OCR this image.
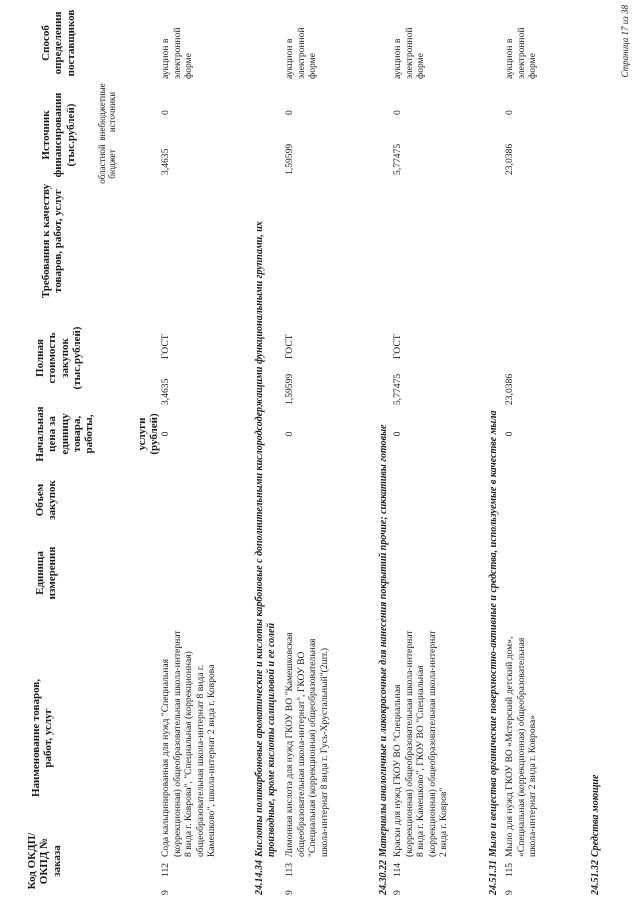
Код ОКДП/ ОКПД № заказа
Наименование товаров, работ, услуг
Единица измерения
Объем закупок
Начальная цена за единицу товара, работы,	услуги (рублей)
Полная стоимость закупок (тыс.рублей)
Требования к качеству товаров, работ, услуг
Источник финансирования (тыс.рублей) областной бюджет
внебюджетные источники
Способ определения поставщиков
9
112
Сода кальцинированная для нужд "Специальная (коррекционная) общеобразовательная школа-интернат 8 вида г. Коврова", "Специальная (коррекционная) общеобразовательная школа-интернат 8 вида г. Камешково", школа-интернат 2 вида г. Коврова
0
3,4635
ГОСТ
3,4635
0
аукцион в электронной форме
24.14.34
Кислоты поликарбоновые ароматические и кислоты карбоновые с дополнительными кислородсодержащими функциональными группами, их производные, кроме кислоты салициловой и ее солей
9
113
Лимонная кислота для нужд ГКОУ ВО "Камешковская общеобразовательная школа-интернат", ГКОУ ВО "Специальная (коррекционная) общеобразовательная школа-интернат 8 вида г. Гусь-Хрустальный"(2шт.)
0
1,59599
ГОСТ
1,59599
0
аукцион в электронной форме
24.30.22
Материалы аналогичные и лакокрасочные для нанесения покрытий прочие; сиккативы готовые
9
114
Краски для нужд ГКОУ ВО "Специальная (коррекционная) общеобразовательная школа-интернат 8 вида г. Камешково", ГКОУ ВО "Специальная (коррекционная) общеобразовательная школа-интернат 2 вида г. Ковров"
0
5,77475
ГОСТ
5,77475
0
аукцион в электронной форме
24.51.31
Мыло и вещества органические поверхностно-активные и средства, используемые в качестве мыла
9
115
Мыло для нужд ГКОУ ВО «Мстерский детский дом», «Специальная (коррекционная) общеобразовательная школа-интернат 2 вида г. Коврова»
0
23,0386
23,0386
0
аукцион в электронной форме
24.51.32
Средства моющие
Страница 17 из 38
